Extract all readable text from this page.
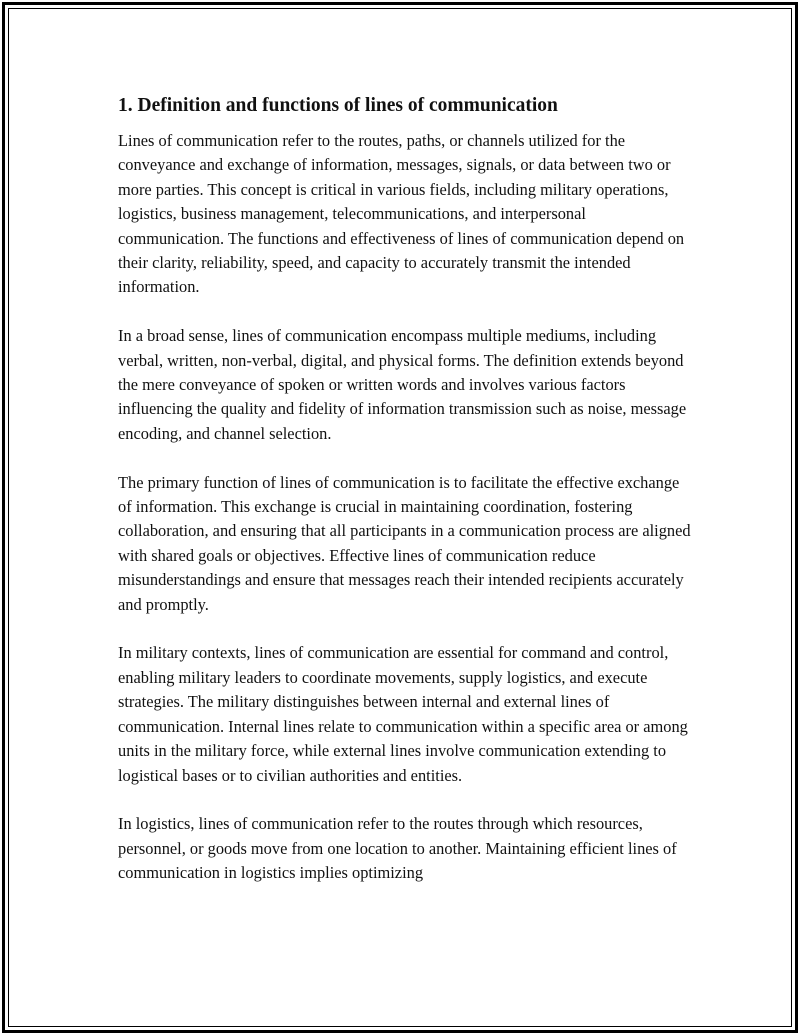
1. Definition and functions of lines of communication

Lines of communication refer to the routes, paths, or channels utilized for the conveyance and exchange of information, messages, signals, or data between two or more parties. This concept is critical in various fields, including military operations, logistics, business management, telecommunications, and interpersonal communication. The functions and effectiveness of lines of communication depend on their clarity, reliability, speed, and capacity to accurately transmit the intended information.

In a broad sense, lines of communication encompass multiple mediums, including verbal, written, non-verbal, digital, and physical forms. The definition extends beyond the mere conveyance of spoken or written words and involves various factors influencing the quality and fidelity of information transmission such as noise, message encoding, and channel selection.

The primary function of lines of communication is to facilitate the effective exchange of information. This exchange is crucial in maintaining coordination, fostering collaboration, and ensuring that all participants in a communication process are aligned with shared goals or objectives. Effective lines of communication reduce misunderstandings and ensure that messages reach their intended recipients accurately and promptly.

In military contexts, lines of communication are essential for command and control, enabling military leaders to coordinate movements, supply logistics, and execute strategies. The military distinguishes between internal and external lines of communication. Internal lines relate to communication within a specific area or among units in the military force, while external lines involve communication extending to logistical bases or to civilian authorities and entities.

In logistics, lines of communication refer to the routes through which resources, personnel, or goods move from one location to another. Maintaining efficient lines of communication in logistics implies optimizing
